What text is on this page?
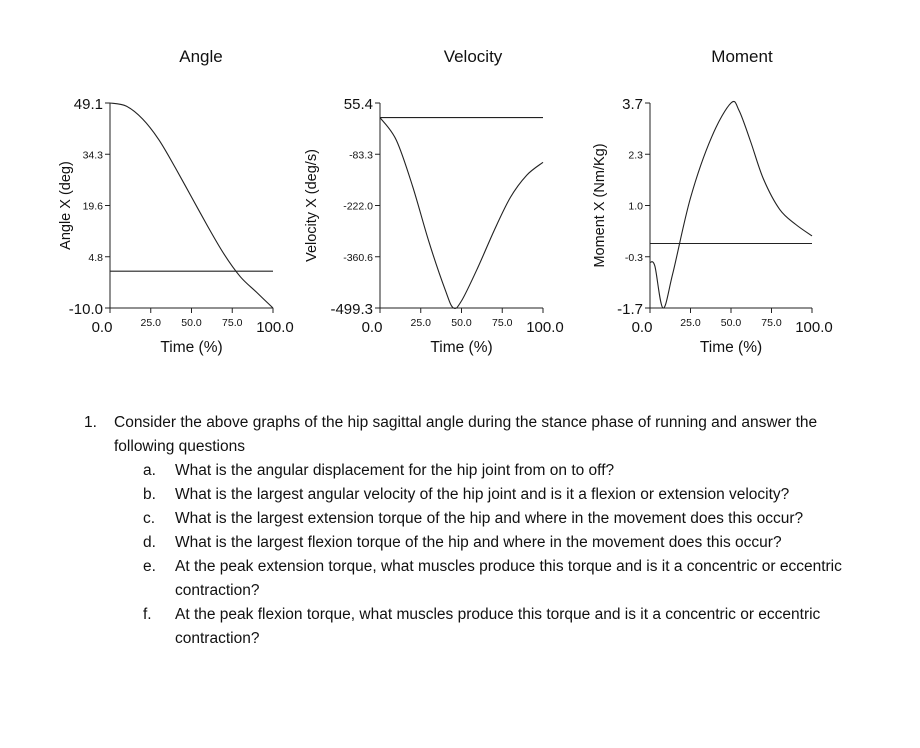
Angle
49.1
34.3
19.6
4.8
-10.0
0.0	25.0 50.0 75.0 100.0
Time (%)
Angle X (deg)
Velocity
55.4
-83.3
-222.0
-360.6
-499.3
0.0	25.0 50.0 75.0 100.0
Time (%)
Velocity X (deg/s)
Moment
3.7
2.3
1.0
-0.3
-1.7
0.0	25.0 50.0 75.0 100.0
Time (%)
Moment X (Nm/Kg)
1. Consider the above graphs of the hip sagittal angle during the stance phase of running and answer the following questions
a. What is the angular displacement for the hip joint from on to off?
b. What is the largest angular velocity of the hip joint and is it a flexion or extension velocity?
c. What is the largest extension torque of the hip and where in the movement does this occur?
d. What is the largest flexion torque of the hip and where in the movement does this occur?
e. At the peak extension torque, what muscles produce this torque and is it a concentric or eccentric contraction?
f. At the peak flexion torque, what muscles produce this torque and is it a concentric or eccentric contraction?
